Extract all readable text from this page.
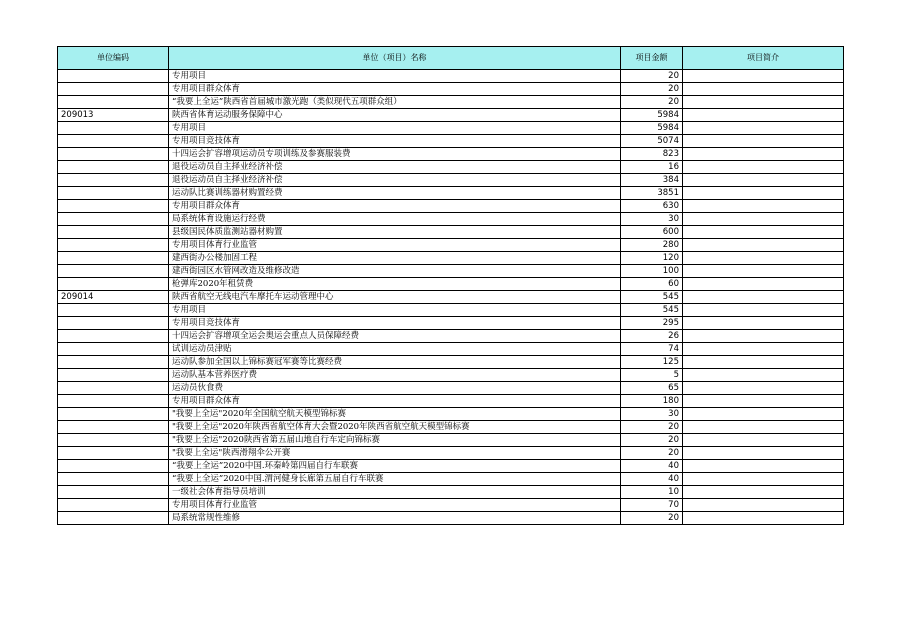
单位编码	单位（项目）名称	项目金额	项目简介
	专用项目	20	
	专用项目群众体育	20	
	“我要上全运”陕西省首届城市激光跑（类似现代五项群众组）	20	
209013	陕西省体育运动服务保障中心	5984	
	专用项目	5984	
	专用项目竞技体育	5074	
	十四运会扩容增项运动员专项训练及参赛服装费	823	
	退役运动员自主择业经济补偿	16	
	退役运动员自主择业经济补偿	384	
	运动队比赛训练器材购置经费	3851	
	专用项目群众体育	630	
	局系统体育设施运行经费	30	
	县级国民体质监测站器材购置	600	
	专用项目体育行业监管	280	
	建西街办公楼加固工程	120	
	建西街园区水管网改造及维修改造	100	
	枪弹库2020年租赁费	60	
209014	陕西省航空无线电汽车摩托车运动管理中心	545	
	专用项目	545	
	专用项目竞技体育	295	
	十四运会扩容增项全运会奥运会重点人员保障经费	26	
	试训运动员津贴	74	
	运动队参加全国以上锦标赛冠军赛等比赛经费	125	
	运动队基本营养医疗费	5	
	运动员伙食费	65	
	专用项目群众体育	180	
	"我要上全运"2020年全国航空航天模型锦标赛	30	
	"我要上全运"2020年陕西省航空体育大会暨2020年陕西省航空航天模型锦标赛	20	
	"我要上全运"2020陕西省第五届山地自行车定向锦标赛	20	
	"我要上全运"陕西滑翔伞公开赛	20	
	“我要上全运”2020中国.环秦岭第四届自行车联赛	40	
	“我要上全运”2020中国.渭河健身长廊第五届自行车联赛	40	
	一级社会体育指导员培训	10	
	专用项目体育行业监管	70	
	局系统常规性维修	20	
